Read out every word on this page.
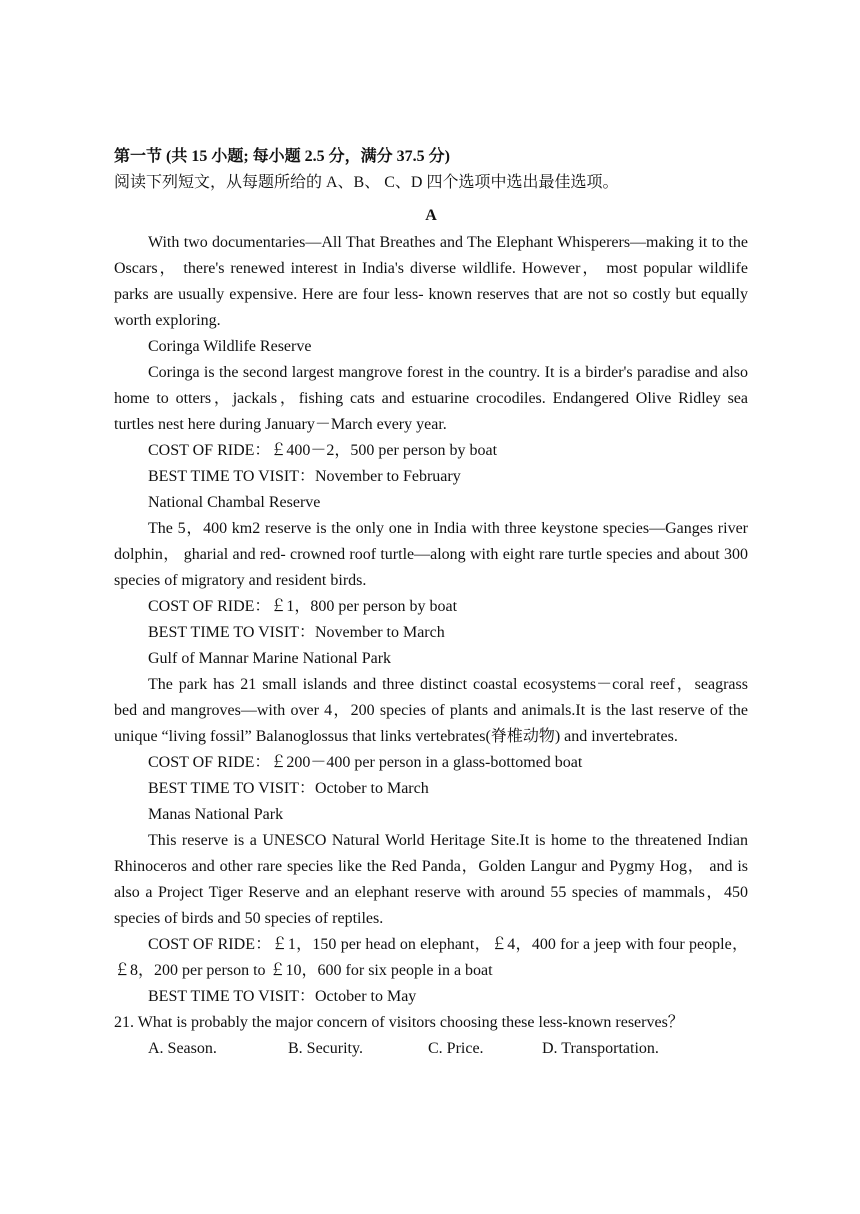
第一节 (共 15 小题; 每小题 2.5 分，满分 37.5 分)
阅读下列短文，从每题所给的 A、B、 C、D 四个选项中选出最佳选项。
A
With two documentaries—All That Breathes and The Elephant Whisperers—making it to the Oscars， there's renewed interest in India's diverse wildlife. However， most popular wildlife parks are usually expensive. Here are four less- known reserves that are not so costly but equally worth exploring.
Coringa Wildlife Reserve
Coringa is the second largest mangrove forest in the country. It is a birder's paradise and also home to otters，jackals，fishing cats and estuarine crocodiles. Endangered Olive Ridley sea turtles nest here during January－March every year.
COST OF RIDE：￡400－2，500 per person by boat
BEST TIME TO VISIT：November to February
National Chambal Reserve
The 5，400 km2 reserve is the only one in India with three keystone species—Ganges river dolphin， gharial and red- crowned roof turtle—along with eight rare turtle species and about 300 species of migratory and resident birds.
COST OF RIDE：￡1，800 per person by boat
BEST TIME TO VISIT：November to March
Gulf of Mannar Marine National Park
The park has 21 small islands and three distinct coastal ecosystems－coral reef，seagrass bed and mangroves—with over 4，200 species of plants and animals.It is the last reserve of the unique “living fossil” Balanoglossus that links vertebrates(脊椎动物) and invertebrates.
COST OF RIDE：￡200－400 per person in a glass-bottomed boat
BEST TIME TO VISIT：October to March
Manas National Park
This reserve is a UNESCO Natural World Heritage Site.It is home to the threatened Indian Rhinoceros and other rare species like the Red Panda，Golden Langur and Pygmy Hog， and is also a Project Tiger Reserve and an elephant reserve with around 55 species of mammals，450 species of birds and 50 species of reptiles.
COST OF RIDE：￡1，150 per head on elephant，￡4，400 for a jeep with four people，￡8，200 per person to ￡10，600 for six people in a boat
BEST TIME TO VISIT：October to May
21. What is probably the major concern of visitors choosing these less-known reserves？
A. Season.	B. Security.	C. Price.	D. Transportation.
